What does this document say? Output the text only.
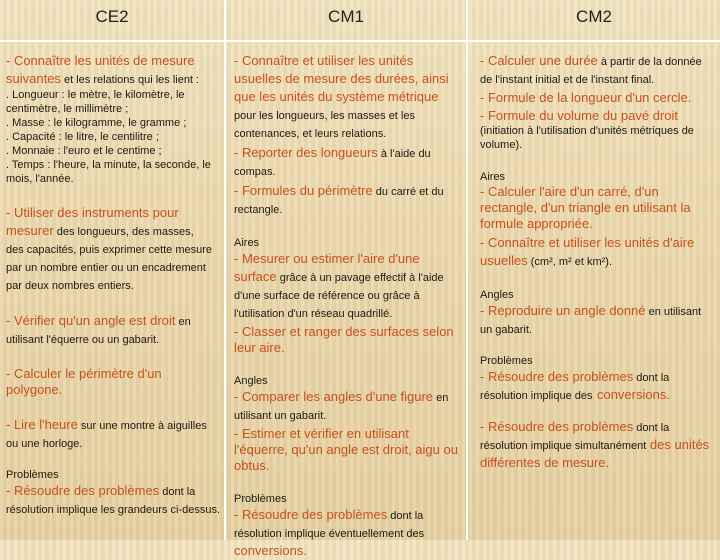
CE2	CM1	CM2

- Connaître les unités de mesure
suivantes et les relations qui les lient :

. Longueur : le mètre, le kilomètre, le centimètre, le millimètre ;

. Masse : le kilogramme, le gramme ;

. Capacité : le litre, le centilitre ;

. Monnaie : l'euro et le centime ;

. Temps : l'heure, la minute, la seconde, le mois, l'année.

- Utiliser des instruments pour
mesurer des longueurs, des masses,
des capacités, puis exprimer cette mesure par un nombre entier ou un encadrement par deux nombres entiers.

- Vérifier qu'un angle est droit en
utilisant l'équerre ou un gabarit.

- Calculer le périmètre d'un polygone.

- Lire l'heure sur une montre à aiguilles ou une horloge.

Problèmes

- Résoudre des problèmes dont la résolution implique les grandeurs ci-dessus.

- Connaître et utiliser les unités usuelles de mesure des durées, ainsi que les unités du système métrique pour les longueurs, les masses et les contenances, et leurs relations.

- Reporter des longueurs à l'aide du compas.

- Formules du périmètre du carré et du rectangle.

Aires

- Mesurer ou estimer l'aire d'une surface grâce à un pavage effectif à l'aide d'une surface de référence ou grâce à l'utilisation d'un réseau quadrillé.

- Classer et ranger des surfaces selon leur aire.

Angles

- Comparer les angles d'une figure en utilisant un gabarit.

- Estimer et vérifier en utilisant l'équerre, qu'un angle est droit, aigu ou obtus.

Problèmes

- Résoudre des problèmes dont la résolution implique éventuellement des
conversions.

- Calculer une durée à partir de la donnée de l'instant initial et de l'instant final.

- Formule de la longueur d'un cercle.

- Formule du volume du pavé droit

(initiation à l'utilisation d'unités métriques de volume).

Aires

- Calculer l'aire d'un carré, d'un rectangle, d'un triangle en utilisant la formule appropriée.

- Connaître et utiliser les unités d'aire usuelles (cm², m² et km²).

Angles

- Reproduire un angle donné en utilisant un gabarit.

Problèmes

- Résoudre des problèmes dont la résolution implique des conversions.

- Résoudre des problèmes dont la résolution implique simultanément des unités différentes de mesure.
